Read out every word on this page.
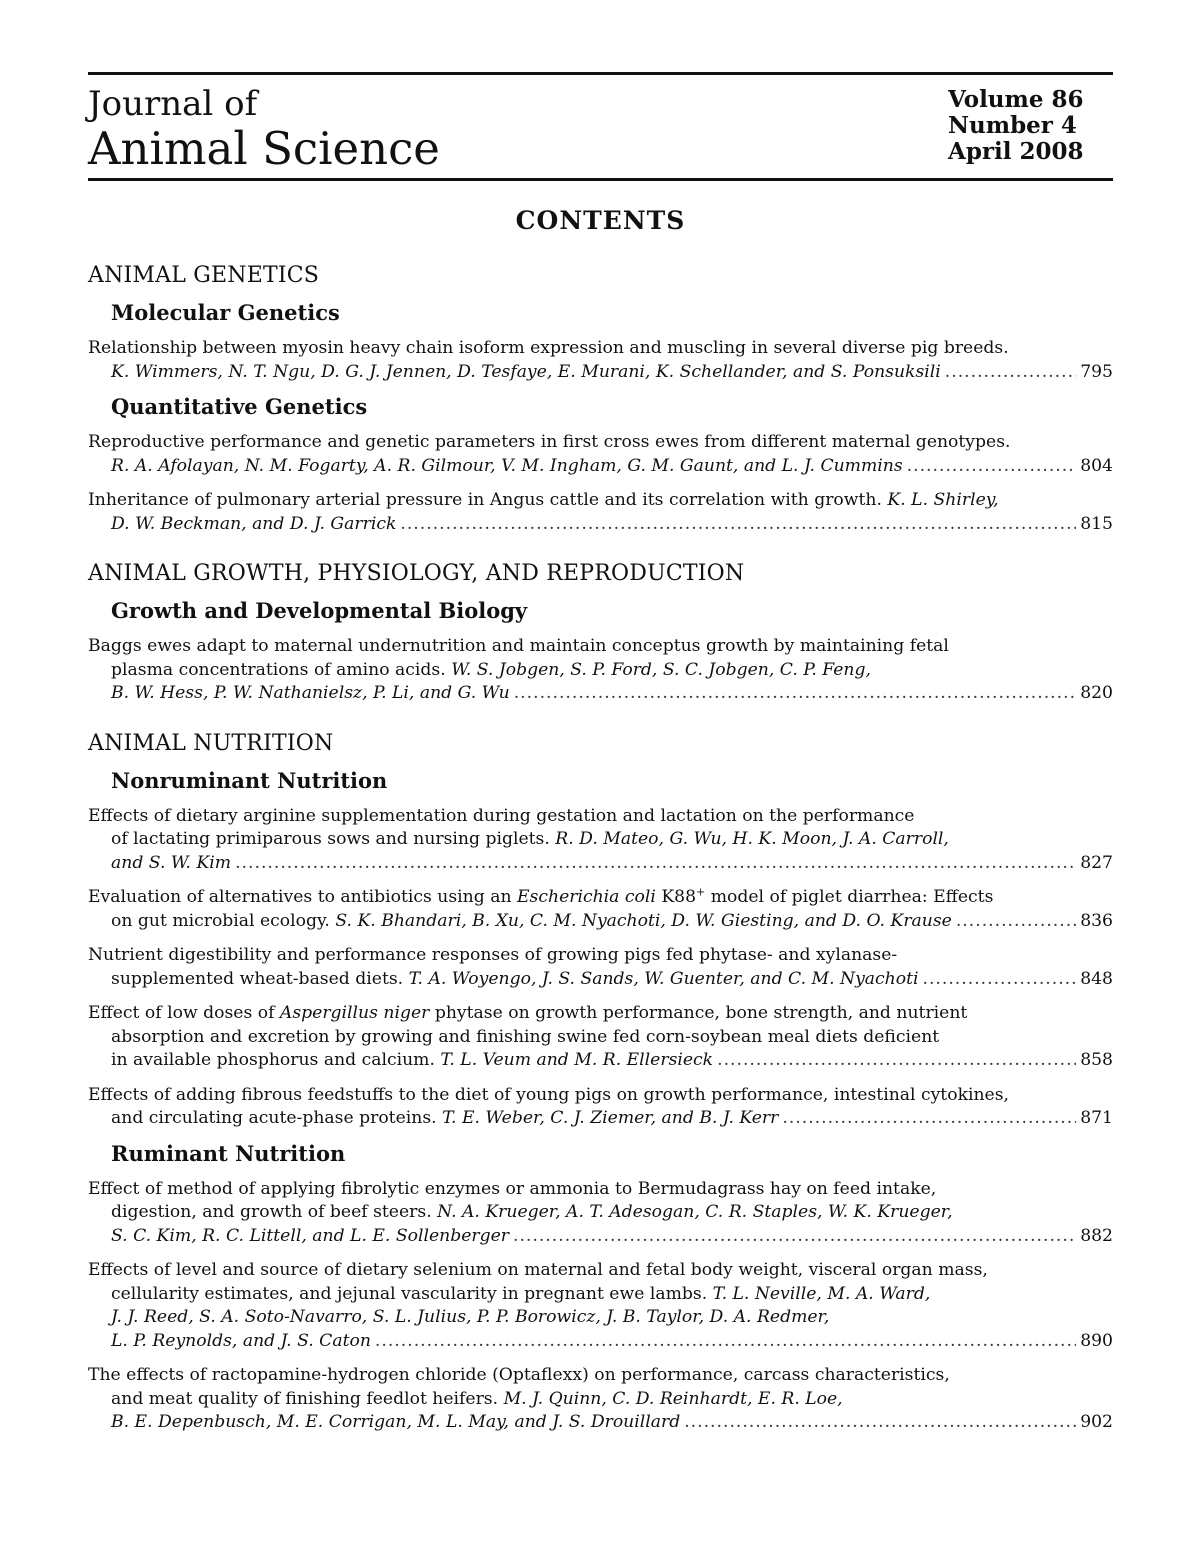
Journal of
Animal Science
Volume 86
Number 4
April 2008
CONTENTS
ANIMAL GENETICS
Molecular Genetics
Relationship between myosin heavy chain isoform expression and muscling in several diverse pig breeds.
K. Wimmers, N. T. Ngu, D. G. J. Jennen, D. Tesfaye, E. Murani, K. Schellander, and S. Ponsuksili .....	795
Quantitative Genetics
Reproductive performance and genetic parameters in first cross ewes from different maternal genotypes.
R. A. Afolayan, N. M. Fogarty, A. R. Gilmour, V. M. Ingham, G. M. Gaunt, and L. J. Cummins .....	804
Inheritance of pulmonary arterial pressure in Angus cattle and its correlation with growth. K. L. Shirley,
D. W. Beckman, and D. J. Garrick .....	815
ANIMAL GROWTH, PHYSIOLOGY, AND REPRODUCTION
Growth and Developmental Biology
Baggs ewes adapt to maternal undernutrition and maintain conceptus growth by maintaining fetal
plasma concentrations of amino acids. W. S. Jobgen, S. P. Ford, S. C. Jobgen, C. P. Feng,
B. W. Hess, P. W. Nathanielsz, P. Li, and G. Wu .....	820
ANIMAL NUTRITION
Nonruminant Nutrition
Effects of dietary arginine supplementation during gestation and lactation on the performance
of lactating primiparous sows and nursing piglets. R. D. Mateo, G. Wu, H. K. Moon, J. A. Carroll,
and S. W. Kim .....	827
Evaluation of alternatives to antibiotics using an Escherichia coli K88+ model of piglet diarrhea: Effects
on gut microbial ecology. S. K. Bhandari, B. Xu, C. M. Nyachoti, D. W. Giesting, and D. O. Krause .....	836
Nutrient digestibility and performance responses of growing pigs fed phytase- and xylanase-
supplemented wheat-based diets. T. A. Woyengo, J. S. Sands, W. Guenter, and C. M. Nyachoti .....	848
Effect of low doses of Aspergillus niger phytase on growth performance, bone strength, and nutrient
absorption and excretion by growing and finishing swine fed corn-soybean meal diets deficient
in available phosphorus and calcium. T. L. Veum and M. R. Ellersieck .....	858
Effects of adding fibrous feedstuffs to the diet of young pigs on growth performance, intestinal cytokines,
and circulating acute-phase proteins. T. E. Weber, C. J. Ziemer, and B. J. Kerr .....	871
Ruminant Nutrition
Effect of method of applying fibrolytic enzymes or ammonia to Bermudagrass hay on feed intake,
digestion, and growth of beef steers. N. A. Krueger, A. T. Adesogan, C. R. Staples, W. K. Krueger,
S. C. Kim, R. C. Littell, and L. E. Sollenberger .....	882
Effects of level and source of dietary selenium on maternal and fetal body weight, visceral organ mass,
cellularity estimates, and jejunal vascularity in pregnant ewe lambs. T. L. Neville, M. A. Ward,
J. J. Reed, S. A. Soto-Navarro, S. L. Julius, P. P. Borowicz, J. B. Taylor, D. A. Redmer,
L. P. Reynolds, and J. S. Caton .....	890
The effects of ractopamine-hydrogen chloride (Optaflexx) on performance, carcass characteristics,
and meat quality of finishing feedlot heifers. M. J. Quinn, C. D. Reinhardt, E. R. Loe,
B. E. Depenbusch, M. E. Corrigan, M. L. May, and J. S. Drouillard .....	902
